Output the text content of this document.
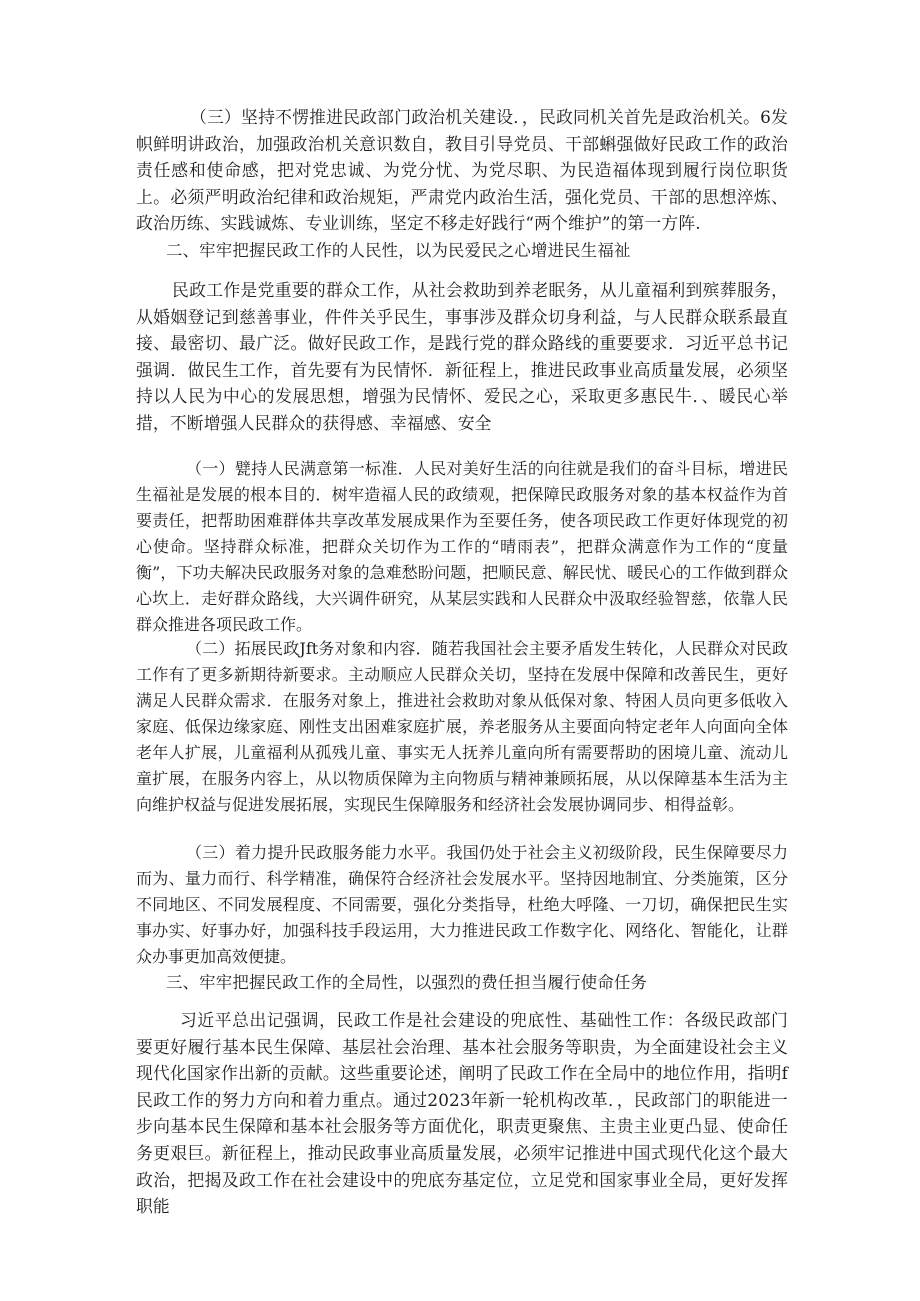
（三）坚持不愣推进民政部门政治机关建设．，民政同机关首先是政治机关。6发帜鲜明讲政治，加强政治机关意识数自，教目引导党员、干部蝌强做好民政工作的政治责任感和使命感，把对党忠诚、为党分忧、为党尽职、为民造福体现到履行岗位职货上。必须严明政治纪律和政治规矩，严肃党内政治生活，强化党员、干部的思想淬炼、政治历练、实践诚炼、专业训练，坚定不移走好践行“两个维护”的第一方阵.

二、牢牢把握民政工作的人民性，以为民爱民之心增进民生福祉

民政工作是党重要的群众工作，从社会救助到养老眠务，从儿童福利到殡葬服务，从婚姻登记到慈善事业，件件关乎民生，事事涉及群众切身利益，与人民群众联系最直接、最密切、最广泛。做好民政工作，是践行党的群众路线的重要要求．习近平总书记强调．做民生工作，首先要有为民情怀．新征程上，推进民政事业高质量发展，必须坚持以人民为中心的发展思想，增强为民情怀、爱民之心，采取更多惠民牛．、暖民心举措，不断增强人民群众的获得感、幸福感、安全

（一）甓持人民满意第一标准．人民对美好生活的向往就是我们的奋斗目标，增进民生福祉是发展的根本目的．树牢造福人民的政绩观，把保障民政服务对象的基本权益作为首要责任，把帮助困难群体共享改革发展成果作为至要任务，使各项民政工作更好体现党的初心使命。坚持群众标准，把群众关切作为工作的“晴雨表”，把群众满意作为工作的“度量衡”，下功夫解决民政服务对象的急难愁盼问题，把顺民意、解民忧、暖民心的工作做到群众心坎上．走好群众路线，大兴调件研究，从某层实践和人民群众中汲取经验智慈，依靠人民群众推进各项民政工作。

（二）拓展民政Jft务对象和内容．随若我国社会主要矛盾发生转化，人民群众对民政工作有了更多新期待新要求。主动顺应人民群众关切，坚持在发展中保障和改善民生，更好满足人民群众需求．在服务对象上，推进社会救助对象从低保对象、特困人员向更多低收入家庭、低保边缘家庭、刚性支出困难家庭扩展，养老服务从主要面向特定老年人向面向全体老年人扩展，儿童福利从孤残儿童、事实无人抚养儿童向所有需要帮助的困境儿童、流动儿童扩展，在服务内容上，从以物质保障为主向物质与精神兼顾拓展，从以保障基本生活为主向维护权益与促进发展拓展，实现民生保障服务和经济社会发展协调同步、相得益彰。

（三）着力提升民政服务能力水平。我国仍处于社会主义初级阶段，民生保障要尽力而为、量力而行、科学精准，确保符合经济社会发展水平。坚持因地制宜、分类施策，区分不同地区、不同发展程度、不同需要，强化分类指导，杜绝大呼隆、一刀切，确保把民生实事办实、好事办好，加强科技手段运用，大力推进民政工作数字化、网络化、智能化，让群众办事更加高效便捷。

三、牢牢把握民政工作的全局性，以强烈的费任担当履行使命任务

习近平总出记强调，民政工作是社会建设的兜底性、基础性工作：各级民政部门要更好履行基本民生保障、基层社会治理、基本社会服务等职贵，为全面建设社会主义现代化国家作出新的贡献。这些重要论述，阐明了民政工作在全局中的地位作用，指明f民政工作的努力方向和着力重点。通过2023年新一轮机构改革．，民政部门的职能进一步向基本民生保障和基本社会服务等方面优化，职责更聚焦、主贵主业更凸显、使命任务更艰巨。新征程上，推动民政事业高质量发展，必须牢记推进中国式现代化这个最大政治，把揭及政工作在社会建设中的兜底夯基定位，立足党和国家事业全局，更好发挥职能
